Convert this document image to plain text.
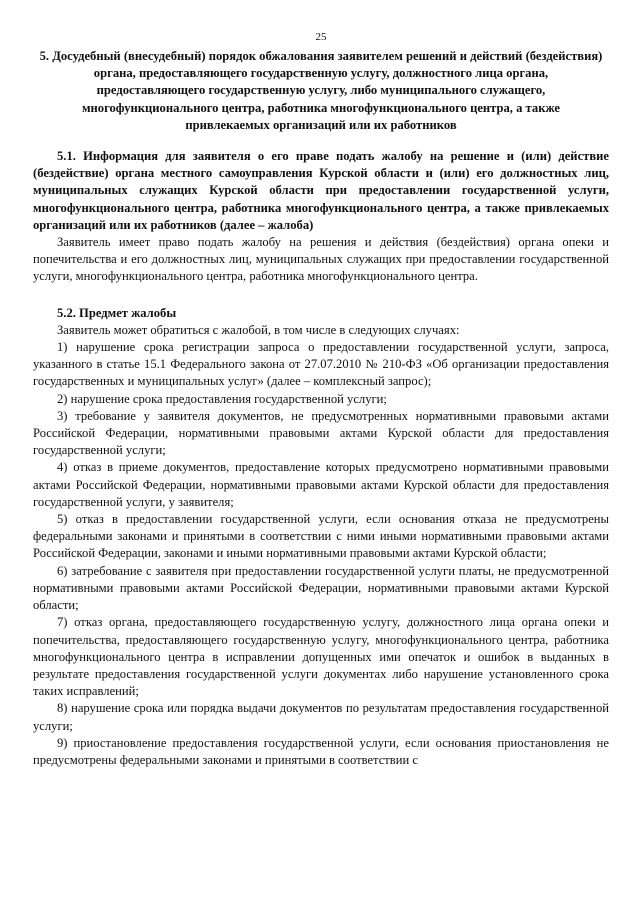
25
5. Досудебный (внесудебный) порядок обжалования заявителем решений и действий (бездействия) органа, предоставляющего государственную услугу, должностного лица органа, предоставляющего государственную услугу, либо муниципального служащего, многофункционального центра, работника многофункционального центра, а также привлекаемых организаций или их работников

5.1. Информация для заявителя о его праве подать жалобу на решение и (или) действие (бездействие) органа местного самоуправления Курской области и (или) его должностных лиц, муниципальных служащих Курской области при предоставлении государственной услуги, многофункционального центра, работника многофункционального центра, а также привлекаемых организаций или их работников (далее – жалоба)

Заявитель имеет право подать жалобу на решения и действия (бездействия) органа опеки и попечительства и его должностных лиц, муниципальных служащих при предоставлении государственной услуги, многофункционального центра, работника многофункционального центра.

5.2. Предмет жалобы

Заявитель может обратиться с жалобой, в том числе в следующих случаях:

1) нарушение срока регистрации запроса о предоставлении государственной услуги, запроса, указанного в статье 15.1 Федерального закона от 27.07.2010 № 210-ФЗ «Об организации предоставления государственных и муниципальных услуг» (далее – комплексный запрос);

2) нарушение срока предоставления государственной услуги;

3) требование у заявителя документов, не предусмотренных нормативными правовыми актами Российской Федерации, нормативными правовыми актами Курской области для предоставления государственной услуги;

4) отказ в приеме документов, предоставление которых предусмотрено нормативными правовыми актами Российской Федерации, нормативными правовыми актами Курской области для предоставления государственной услуги, у заявителя;

5) отказ в предоставлении государственной услуги, если основания отказа не предусмотрены федеральными законами и принятыми в соответствии с ними иными нормативными правовыми актами Российской Федерации, законами и иными нормативными правовыми актами Курской области;

6) затребование с заявителя при предоставлении государственной услуги платы, не предусмотренной нормативными правовыми актами Российской Федерации, нормативными правовыми актами Курской области;

7) отказ органа, предоставляющего государственную услугу, должностного лица органа опеки и попечительства, предоставляющего государственную услугу, многофункционального центра, работника многофункционального центра в исправлении допущенных ими опечаток и ошибок в выданных в результате предоставления государственной услуги документах либо нарушение установленного срока таких исправлений;

8) нарушение срока или порядка выдачи документов по результатам предоставления государственной услуги;

9) приостановление предоставления государственной услуги, если основания приостановления не предусмотрены федеральными законами и принятыми в соответствии с
